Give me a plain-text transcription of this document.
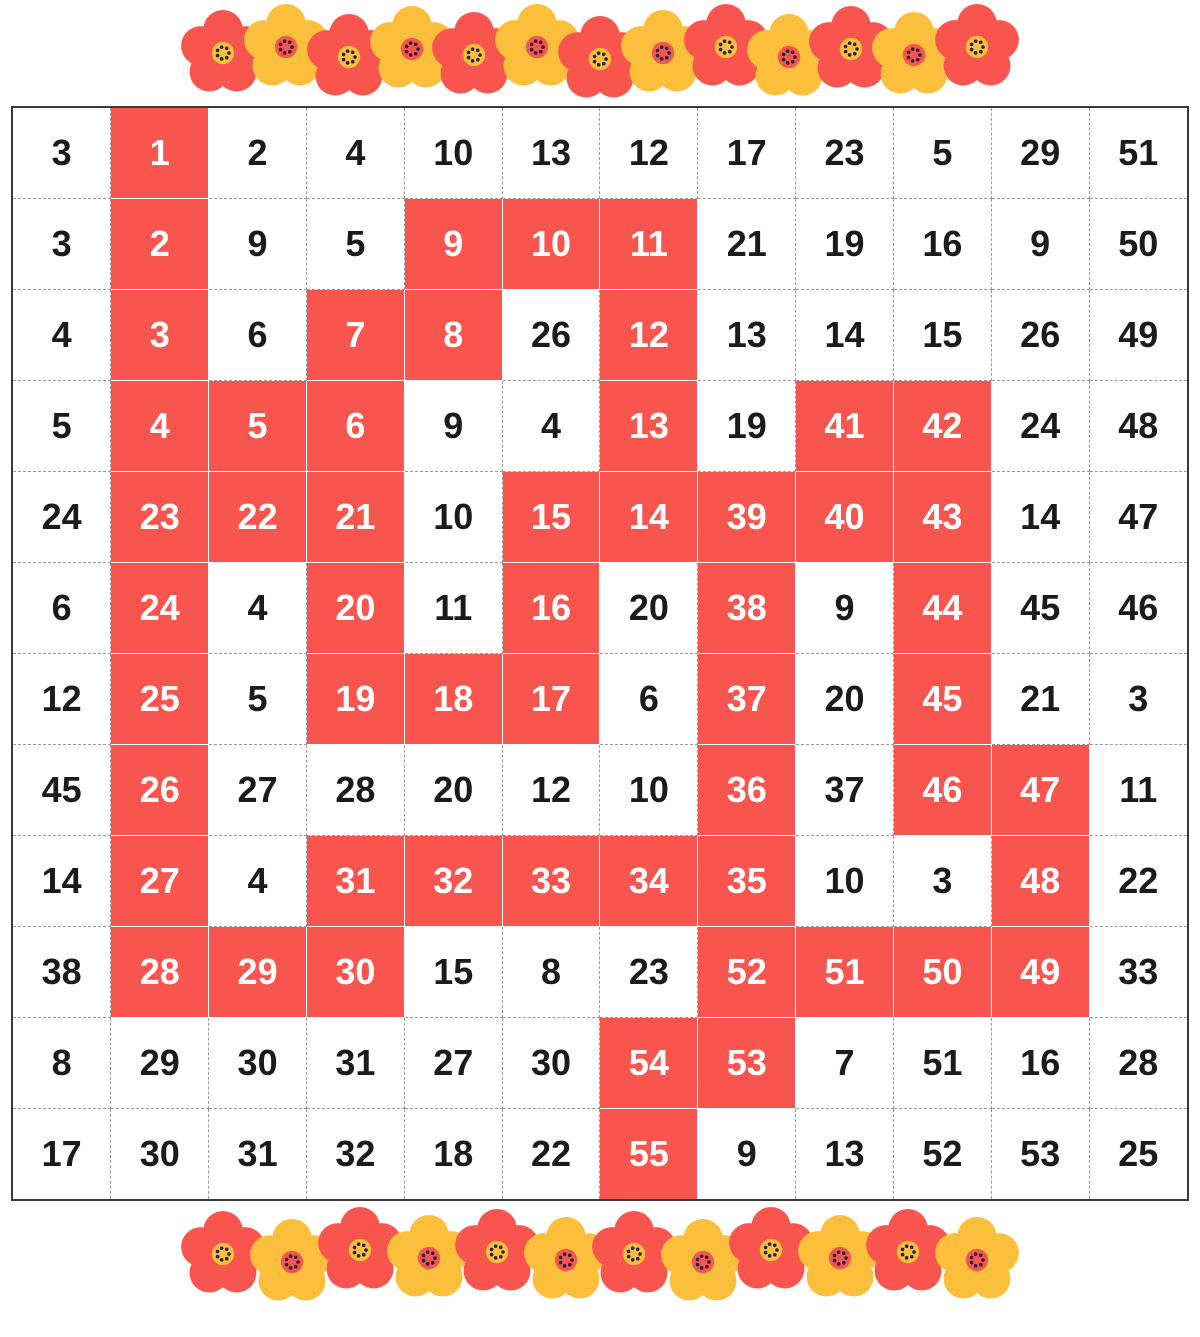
3	1	2	4	10	13	12	17	23	5	29	51
3	2	9	5	9	10	11	21	19	16	9	50
4	3	6	7	8	26	12	13	14	15	26	49
5	4	5	6	9	4	13	19	41	42	24	48
24	23	22	21	10	15	14	39	40	43	14	47
6	24	4	20	11	16	20	38	9	44	45	46
12	25	5	19	18	17	6	37	20	45	21	3
45	26	27	28	20	12	10	36	37	46	47	11
14	27	4	31	32	33	34	35	10	3	48	22
38	28	29	30	15	8	23	52	51	50	49	33
8	29	30	31	27	30	54	53	7	51	16	28
17	30	31	32	18	22	55	9	13	52	53	25
